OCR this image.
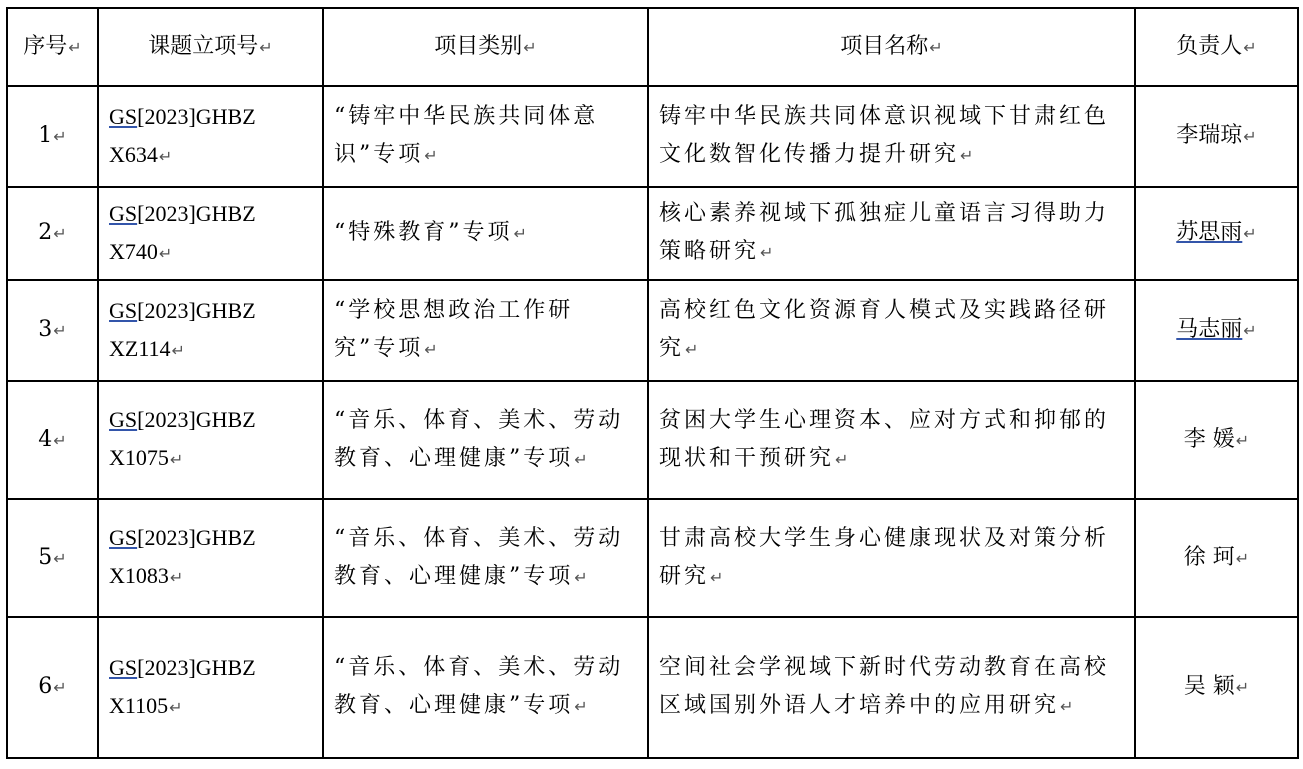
序号↵	课题立项号↵	项目类别↵	项目名称↵	负责人↵
1↵	GS[2023]GHBZ
X634↵	“铸牢中华民族共同体意识”专项↵	铸牢中华民族共同体意识视域下甘肃红色文化数智化传播力提升研究↵	李瑞琼↵
2↵	GS[2023]GHBZ
X740↵	“特殊教育”专项↵	核心素养视域下孤独症儿童语言习得助力策略研究↵	苏思雨↵
3↵	GS[2023]GHBZ
XZ114↵	“学校思想政治工作研究”专项↵	高校红色文化资源育人模式及实践路径研究↵	马志丽↵
4↵	GS[2023]GHBZ
X1075↵	“音乐、体育、美术、劳动教育、心理健康”专项↵	贫困大学生心理资本、应对方式和抑郁的现状和干预研究↵	李 媛↵
5↵	GS[2023]GHBZ
X1083↵	“音乐、体育、美术、劳动教育、心理健康”专项↵	甘肃高校大学生身心健康现状及对策分析研究↵	徐 珂↵
6↵	GS[2023]GHBZ
X1105↵	“音乐、体育、美术、劳动教育、心理健康”专项↵	空间社会学视域下新时代劳动教育在高校区域国别外语人才培养中的应用研究↵	吴 颖↵
